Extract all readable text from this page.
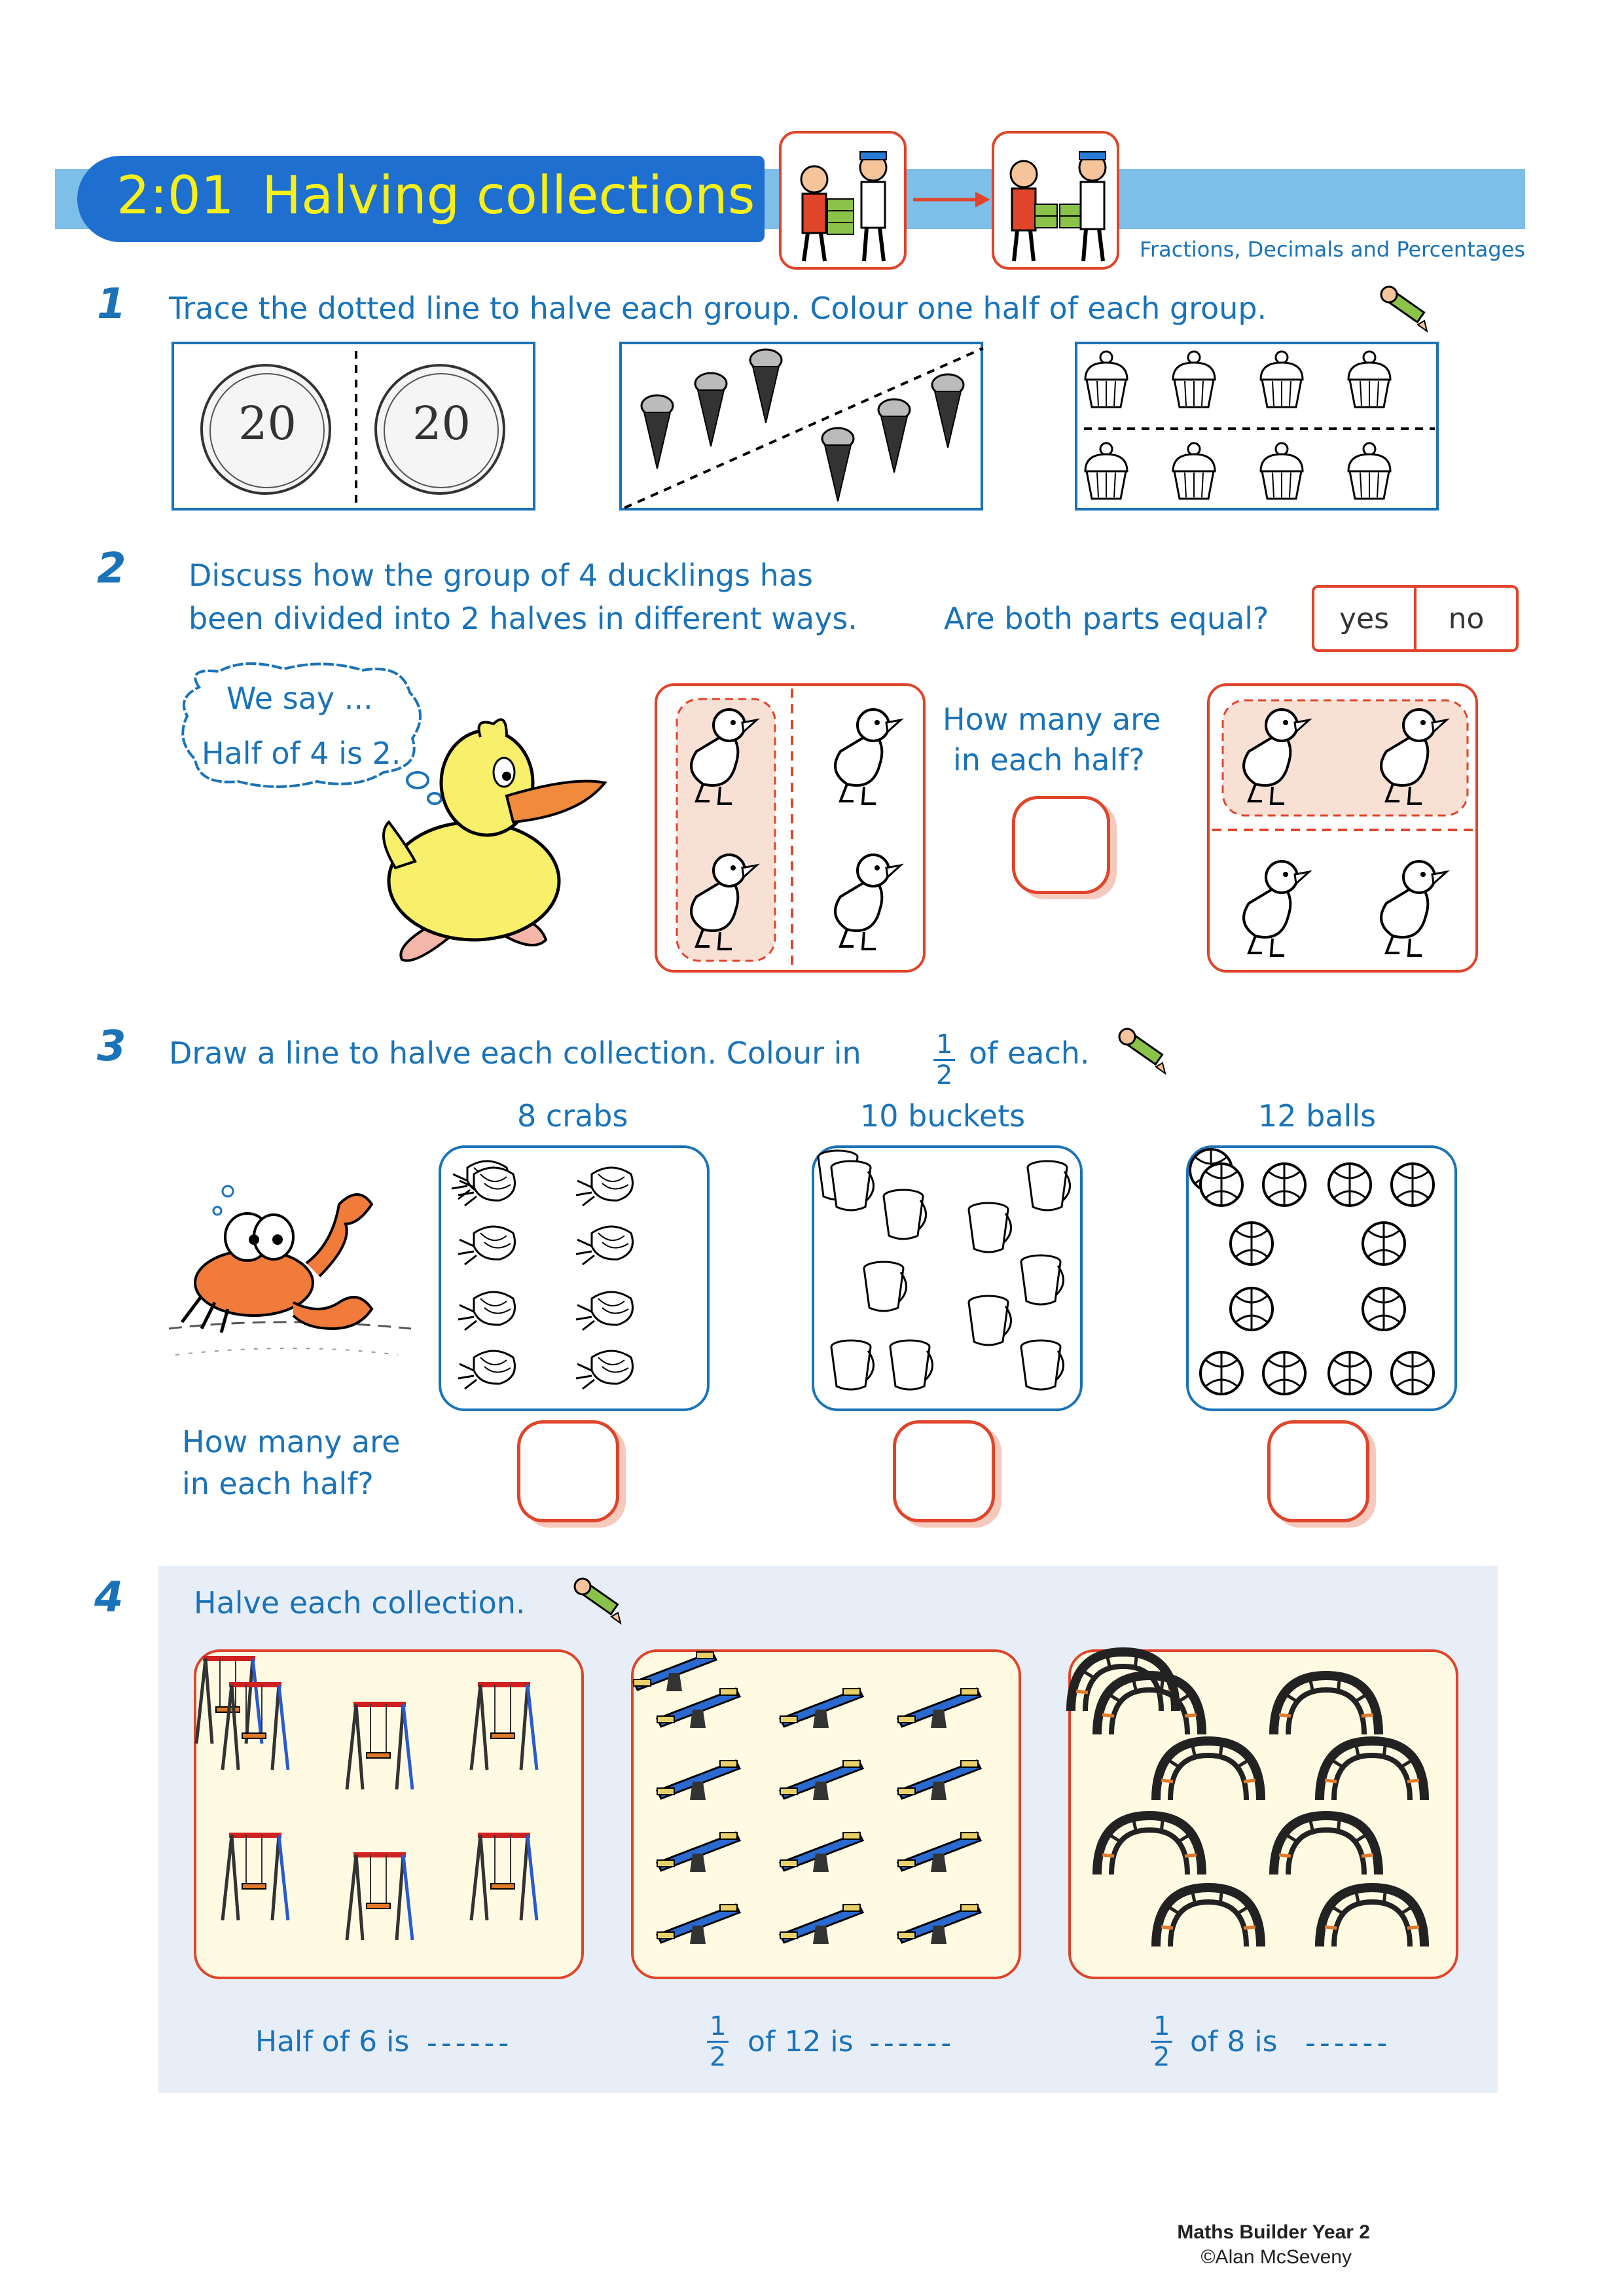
2:01 Halving collections
Fractions, Decimals and Percentages
1 Trace the dotted line to halve each group. Colour one half of each group.
20	20
2 Discuss how the group of 4 ducklings has
been divided into 2 halves in different ways.	Are both parts equal? yes no
We say ...
Half of 4 is 2.
How many are
in each half?
3 Draw a line to halve each collection. Colour in	$\frac{1}{2}$ of each.
8 crabs	10 buckets	12 balls
How many are
in each half?
4 Halve each collection.
Half of 6 is ------	$\frac{1}{2}$ of 12 is ------	$\frac{1}{2}$ of 8 is ------
Maths Builder Year 2
©Alan McSeveny
